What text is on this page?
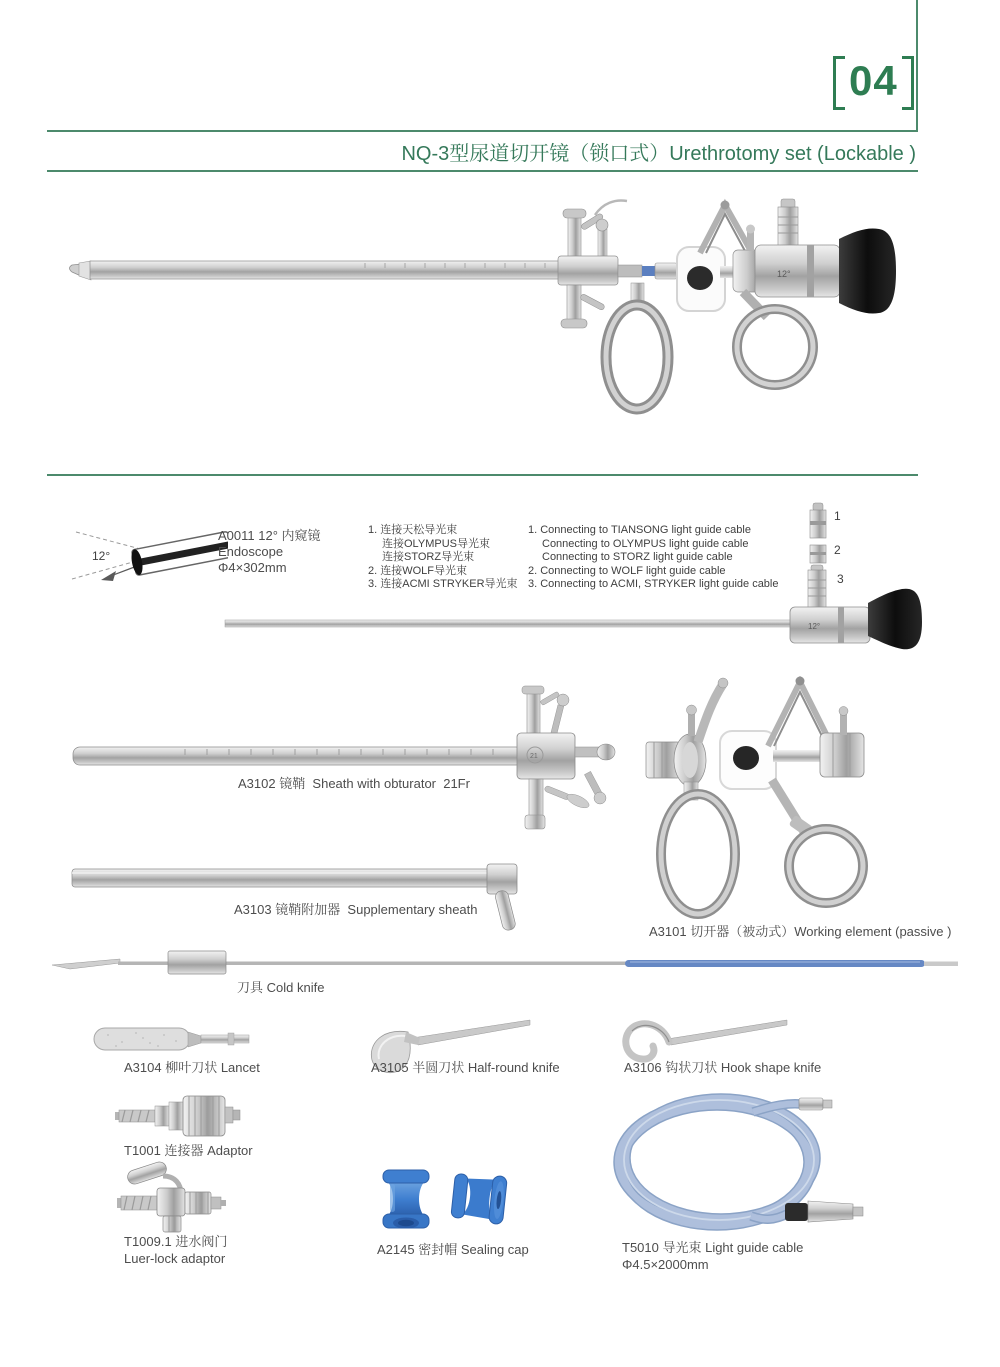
04
NQ-3型尿道切开镜（锁口式）Urethrotomy set (Lockable )
12°
12°
A0011 12° 内窥镜
Endoscope
Φ4×302mm
1. 连接天松导光束
连接OLYMPUS导光束
连接STORZ导光束
2. 连接WOLF导光束
3. 连接ACMI STRYKER导光束
1. Connecting to TIANSONG light guide cable
Connecting to OLYMPUS light guide cable
Connecting to STORZ light guide cable
2. Connecting to WOLF light guide cable
3. Connecting to ACMI, STRYKER light guide cable
1
2
3
12°
21
A3102 镜鞘  Sheath with obturator  21Fr
A3101 切开器（被动式）Working element (passive )
A3103 镜鞘附加器  Supplementary sheath
刀具 Cold knife
A3104 柳叶刀状 Lancet	A3105 半圆刀状 Half-round knife	A3106 钩状刀状 Hook shape knife
T1001 连接器 Adaptor
T1009.1 进水阀门
Luer-lock adaptor
A2145 密封帽 Sealing cap	T5010 导光束 Light guide cable
Φ4.5×2000mm
